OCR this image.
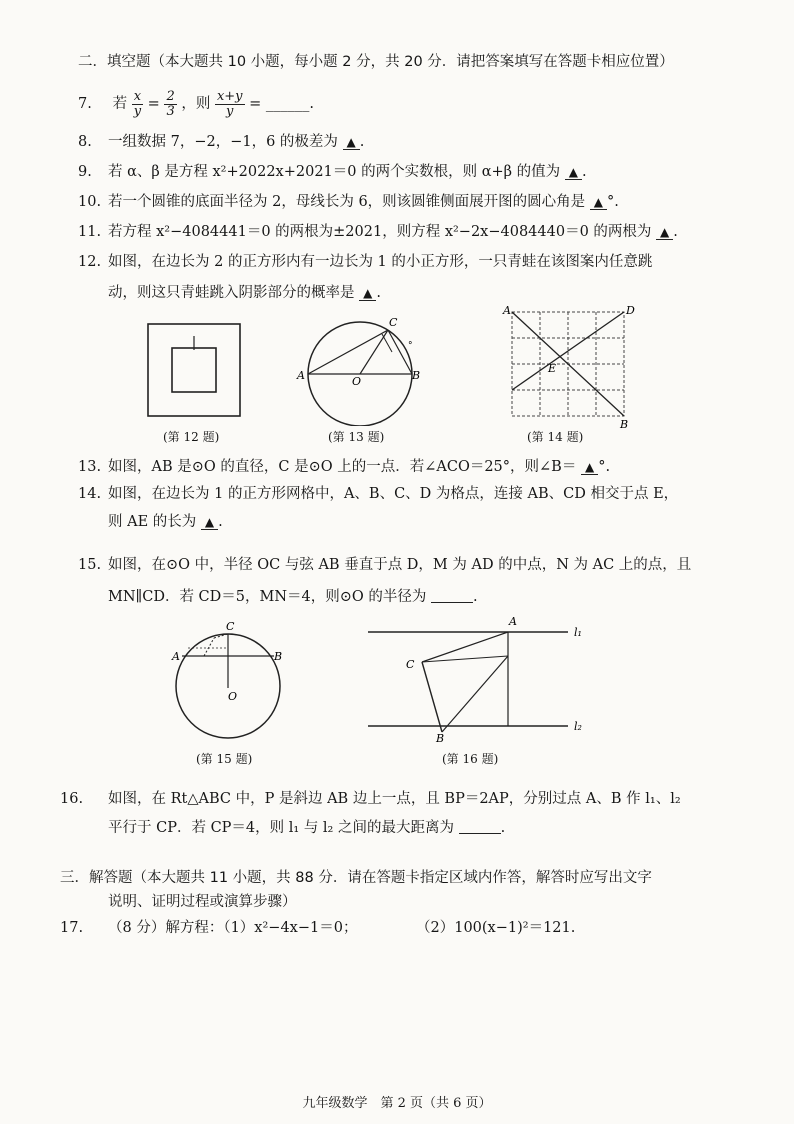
二．填空题（本大题共 10 小题，每小题 2 分，共 20 分．请把答案填写在答题卡相应位置）
7. 若 $\frac{x}{y} = \frac{2}{3}$ ，则 $\frac{x+y}{y}$ = ______.
8. 一组数据 7，−2，−1，6 的极差为 ▲ .
9. 若 α、β 是方程 x²+2022x+2021＝0 的两个实数根，则 α+β 的值为 ▲ .
10. 若一个圆锥的底面半径为 2，母线长为 6，则该圆锥侧面展开图的圆心角是 ▲ °.
11. 若方程 x²−4084441＝0 的两根为±2021，则方程 x²−2x−4084440＝0 的两根为 ▲ .
12. 如图，在边长为 2 的正方形内有一边长为 1 的小正方形，一只青蛙在该图案内任意跳
动，则这只青蛙跳入阴影部分的概率是 ▲ .
(第 12 题)
A	B
C
O
°
(第 13 题)
A	D
E
B
(第 14 题)
13. 如图，AB 是⊙O 的直径，C 是⊙O 上的一点．若∠ACO＝25°，则∠B＝ ▲ °.
14. 如图，在边长为 1 的正方形网格中，A、B、C、D 为格点，连接 AB、CD 相交于点 E，
则 AE 的长为 ▲ .
15. 如图，在⊙O 中，半径 OC 与弦 AB 垂直于点 D，M 为 AD 的中点，N 为 AC 上的点，且
MN∥CD．若 CD＝5，MN＝4，则⊙O 的半径为	.
A	B
C
O
(第 15 题)
A
C
B
l₁
l₂
(第 16 题)
16. 如图，在 Rt△ABC 中，P 是斜边 AB 边上一点，且 BP＝2AP，分别过点 A、B 作 l₁、l₂
平行于 CP．若 CP＝4，则 l₁ 与 l₂ 之间的最大距离为	.
三．解答题（本大题共 11 小题，共 88 分．请在答题卡指定区域内作答，解答时应写出文字
说明、证明过程或演算步骤）
17. （8 分）解方程：（1）x²−4x−1＝0；	（2）100(x−1)²＝121.
九年级数学　第 2 页（共 6 页）
